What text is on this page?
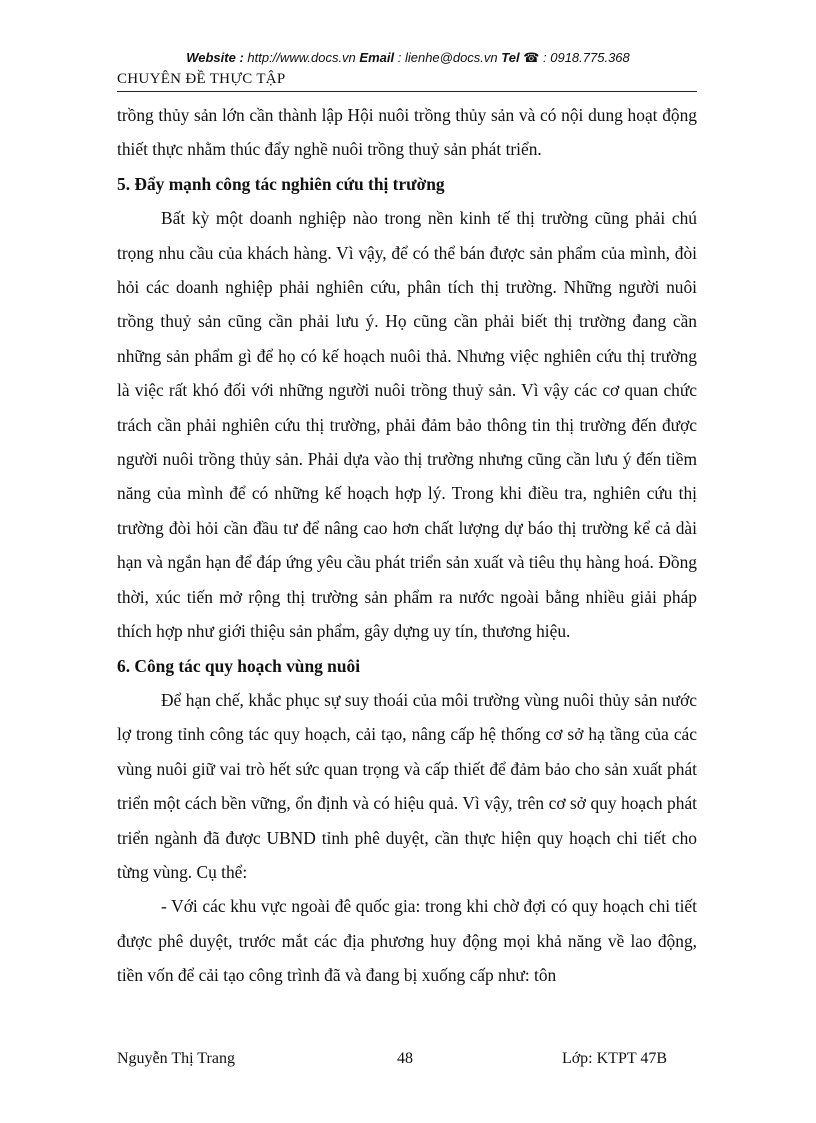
Website : http://www.docs.vn Email : lienhe@docs.vn Tel ☎ : 0918.775.368
CHUYÊN ĐỀ THỰC TẬP

trồng thủy sản lớn cần thành lập Hội nuôi trồng thủy sản và có nội dung hoạt động thiết thực nhằm thúc đẩy nghề nuôi trồng thuỷ sản phát triển.

5. Đẩy mạnh công tác nghiên cứu thị trường

Bất kỳ một doanh nghiệp nào trong nền kinh tế thị trường cũng phải chú trọng nhu cầu của khách hàng. Vì vậy, để có thể bán được sản phẩm của mình, đòi hỏi các doanh nghiệp phải nghiên cứu, phân tích thị trường. Những người nuôi trồng thuỷ sản cũng cần phải lưu ý. Họ cũng cần phải biết thị trường đang cần những sản phẩm gì để họ có kế hoạch nuôi thả. Nhưng việc nghiên cứu thị trường là việc rất khó đối với những người nuôi trồng thuỷ sản. Vì vậy các cơ quan chức trách cần phải nghiên cứu thị trường, phải đảm bảo thông tin thị trường đến được người nuôi trồng thủy sản. Phải dựa vào thị trường nhưng cũng cần lưu ý đến tiềm năng của mình để có những kế hoạch hợp lý. Trong khi điều tra, nghiên cứu thị trường đòi hỏi cần đầu tư để nâng cao hơn chất lượng dự báo thị trường kể cả dài hạn và ngắn hạn để đáp ứng yêu cầu phát triển sản xuất và tiêu thụ hàng hoá. Đồng thời, xúc tiến mở rộng thị trường sản phẩm ra nước ngoài bằng nhiều giải pháp thích hợp như giới thiệu sản phẩm, gây dựng uy tín, thương hiệu.

6. Công tác quy hoạch vùng nuôi

Để hạn chế, khắc phục sự suy thoái của môi trường vùng nuôi thủy sản nước lợ trong tỉnh công tác quy hoạch, cải tạo, nâng cấp hệ thống cơ sở hạ tầng của các vùng nuôi giữ vai trò hết sức quan trọng và cấp thiết để đảm bảo cho sản xuất phát triển một cách bền vững, ổn định và có hiệu quả. Vì vậy, trên cơ sở quy hoạch phát triển ngành đã được UBND tỉnh phê duyệt, cần thực hiện quy hoạch chi tiết cho từng vùng. Cụ thể:

- Với các khu vực ngoài đê quốc gia: trong khi chờ đợi có quy hoạch chi tiết được phê duyệt, trước mắt các địa phương huy động mọi khả năng về lao động, tiền vốn để cải tạo công trình đã và đang bị xuống cấp như: tôn

Nguyễn Thị Trang	48	Lớp: KTPT 47B
